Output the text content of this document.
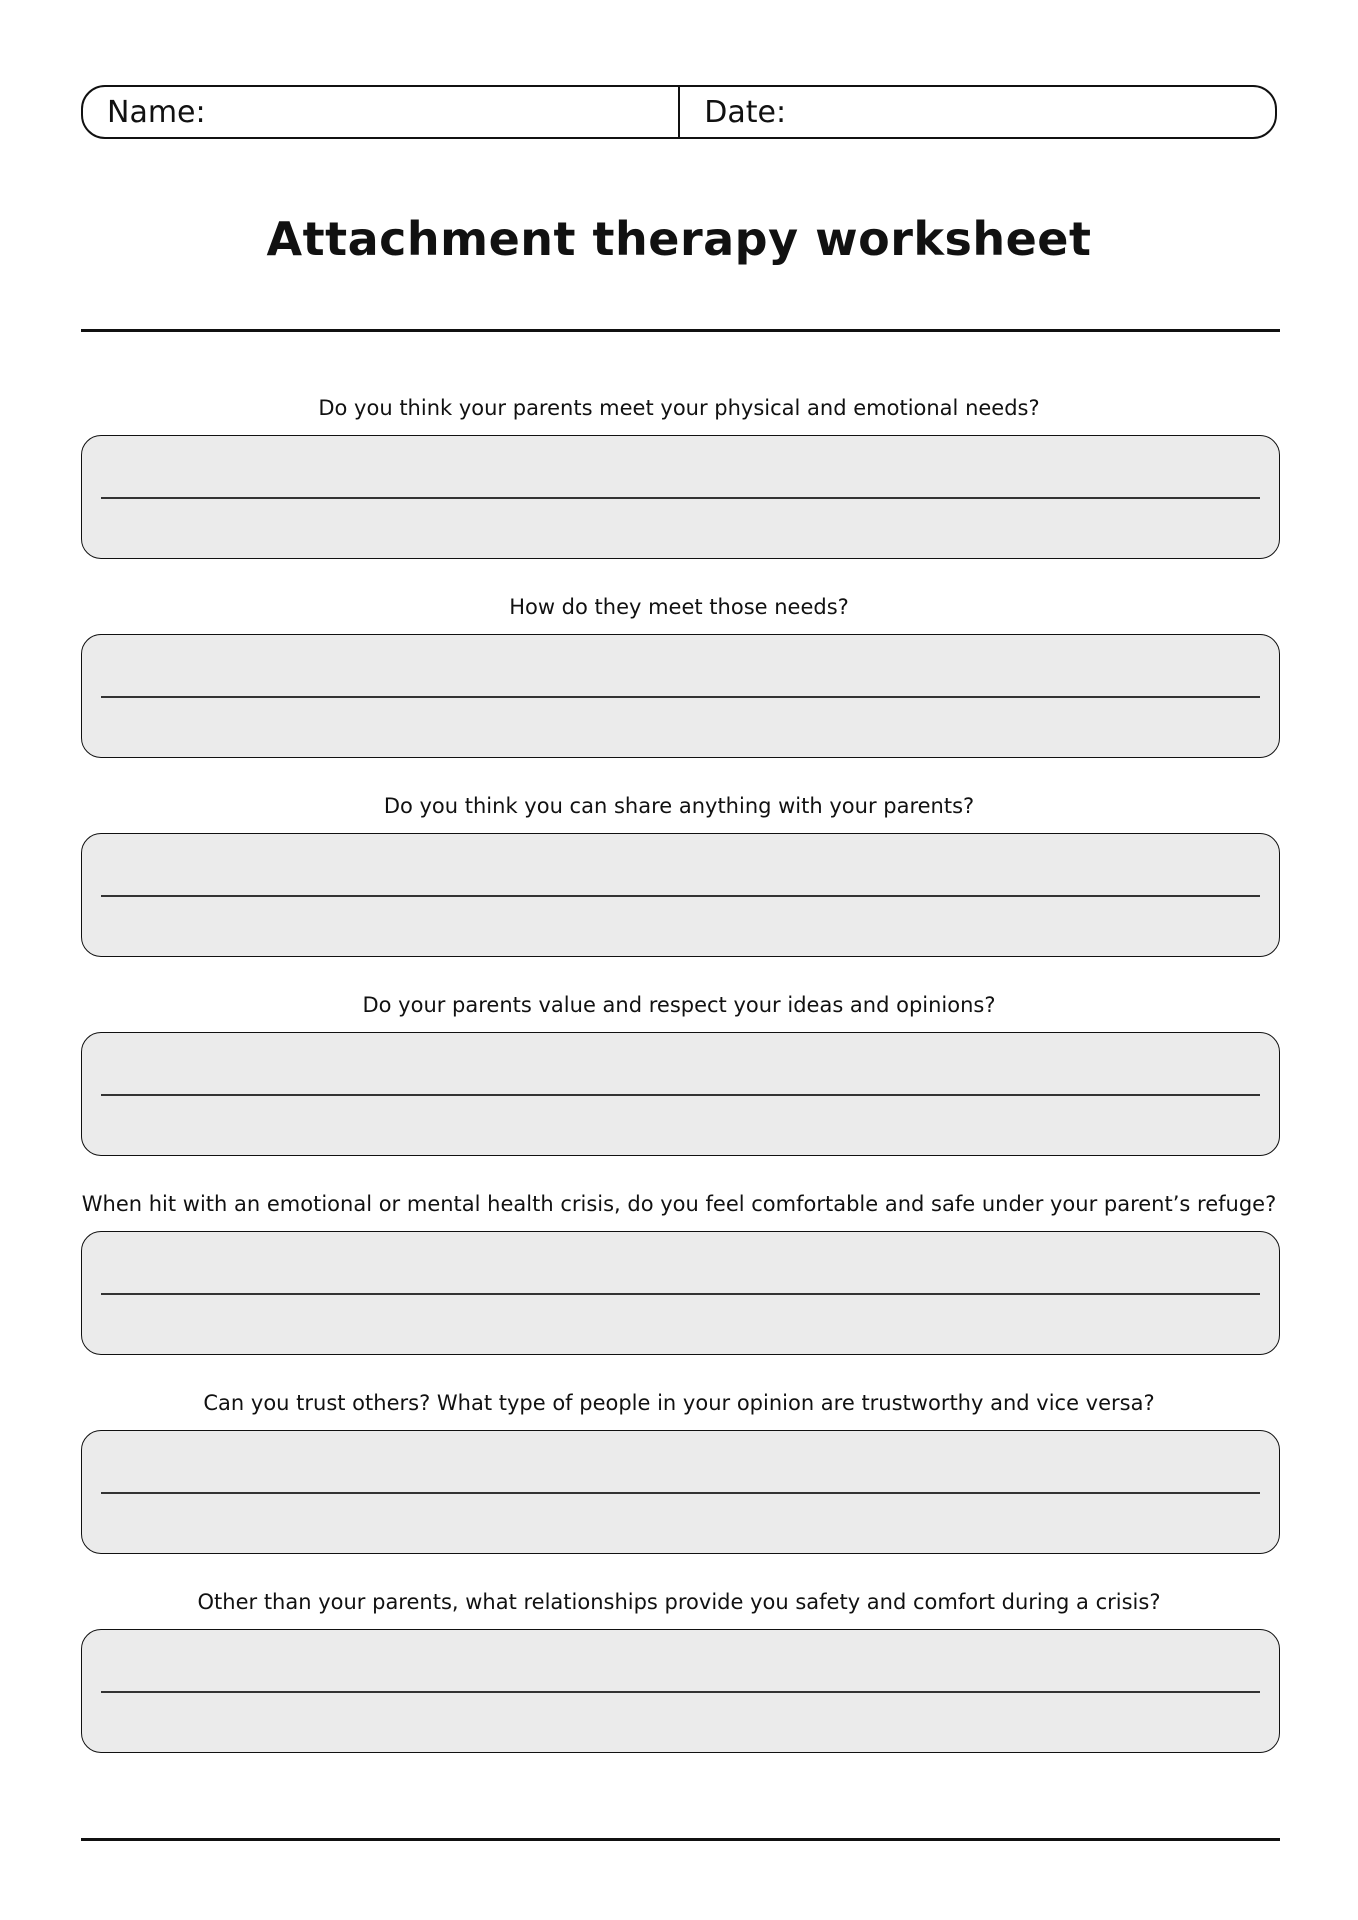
Name:	Date:
Attachment therapy worksheet
Do you think your parents meet your physical and emotional needs?
How do they meet those needs?
Do you think you can share anything with your parents?
Do your parents value and respect your ideas and opinions?
When hit with an emotional or mental health crisis, do you feel comfortable and safe under your parent’s refuge?
Can you trust others? What type of people in your opinion are trustworthy and vice versa?
Other than your parents, what relationships provide you safety and comfort during a crisis?
